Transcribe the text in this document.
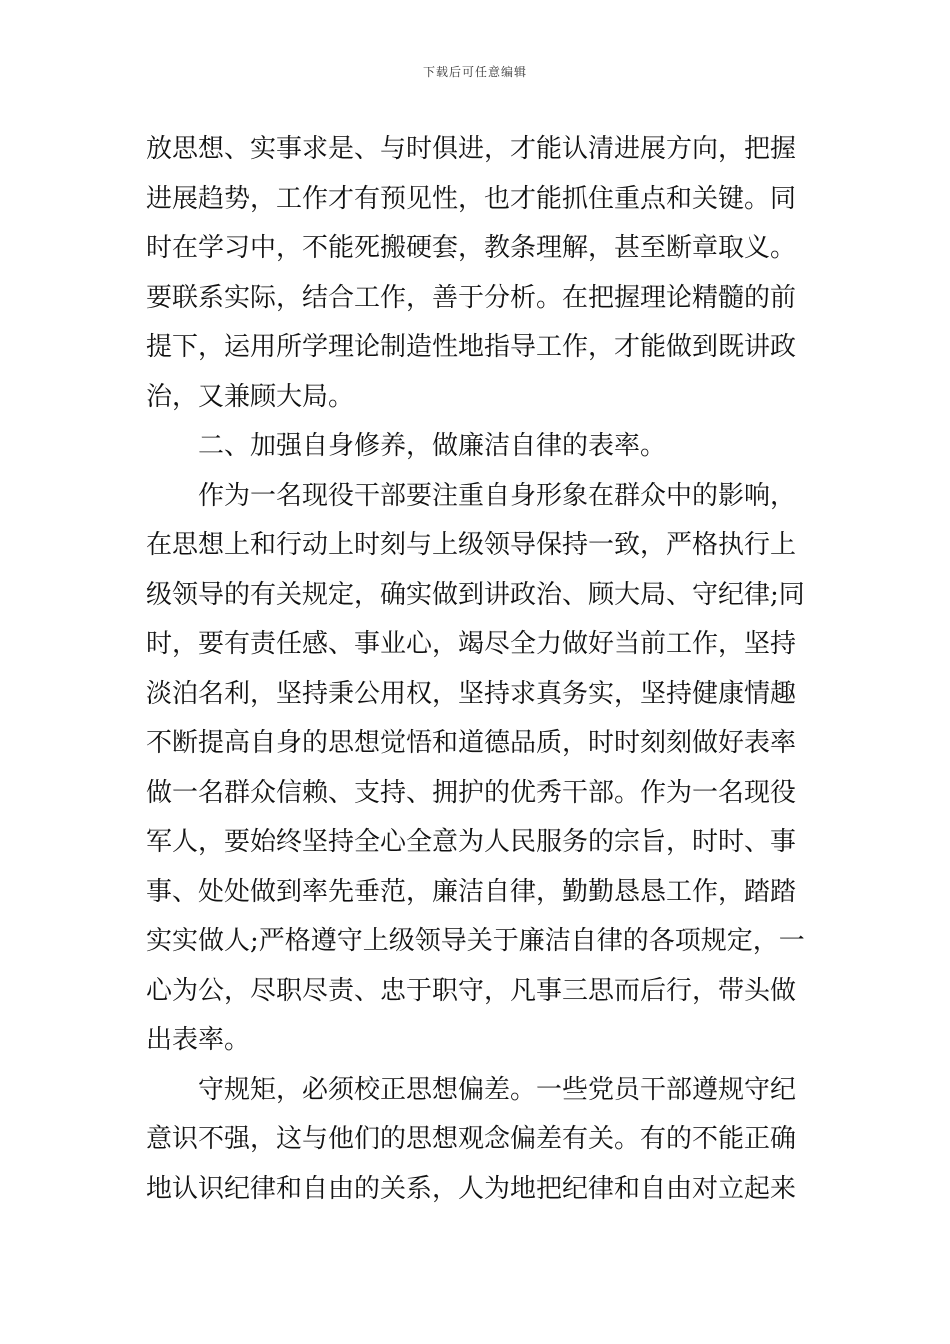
下载后可任意编辑
放思想、实事求是、与时俱进，才能认清进展方向，把握
进展趋势，工作才有预见性，也才能抓住重点和关键。同
时在学习中，不能死搬硬套，教条理解，甚至断章取义。
要联系实际，结合工作，善于分析。在把握理论精髓的前
提下，运用所学理论制造性地指导工作，才能做到既讲政
治，又兼顾大局。
二、加强自身修养，做廉洁自律的表率。
作为一名现役干部要注重自身形象在群众中的影响，
在思想上和行动上时刻与上级领导保持一致，严格执行上
级领导的有关规定，确实做到讲政治、顾大局、守纪律;同
时，要有责任感、事业心，竭尽全力做好当前工作，坚持
淡泊名利，坚持秉公用权，坚持求真务实，坚持健康情趣
不断提高自身的思想觉悟和道德品质，时时刻刻做好表率
做一名群众信赖、支持、拥护的优秀干部。作为一名现役
军人，要始终坚持全心全意为人民服务的宗旨，时时、事
事、处处做到率先垂范，廉洁自律，勤勤恳恳工作，踏踏
实实做人;严格遵守上级领导关于廉洁自律的各项规定，一
心为公，尽职尽责、忠于职守，凡事三思而后行，带头做
出表率。
守规矩，必须校正思想偏差。一些党员干部遵规守纪
意识不强，这与他们的思想观念偏差有关。有的不能正确
地认识纪律和自由的关系，人为地把纪律和自由对立起来
